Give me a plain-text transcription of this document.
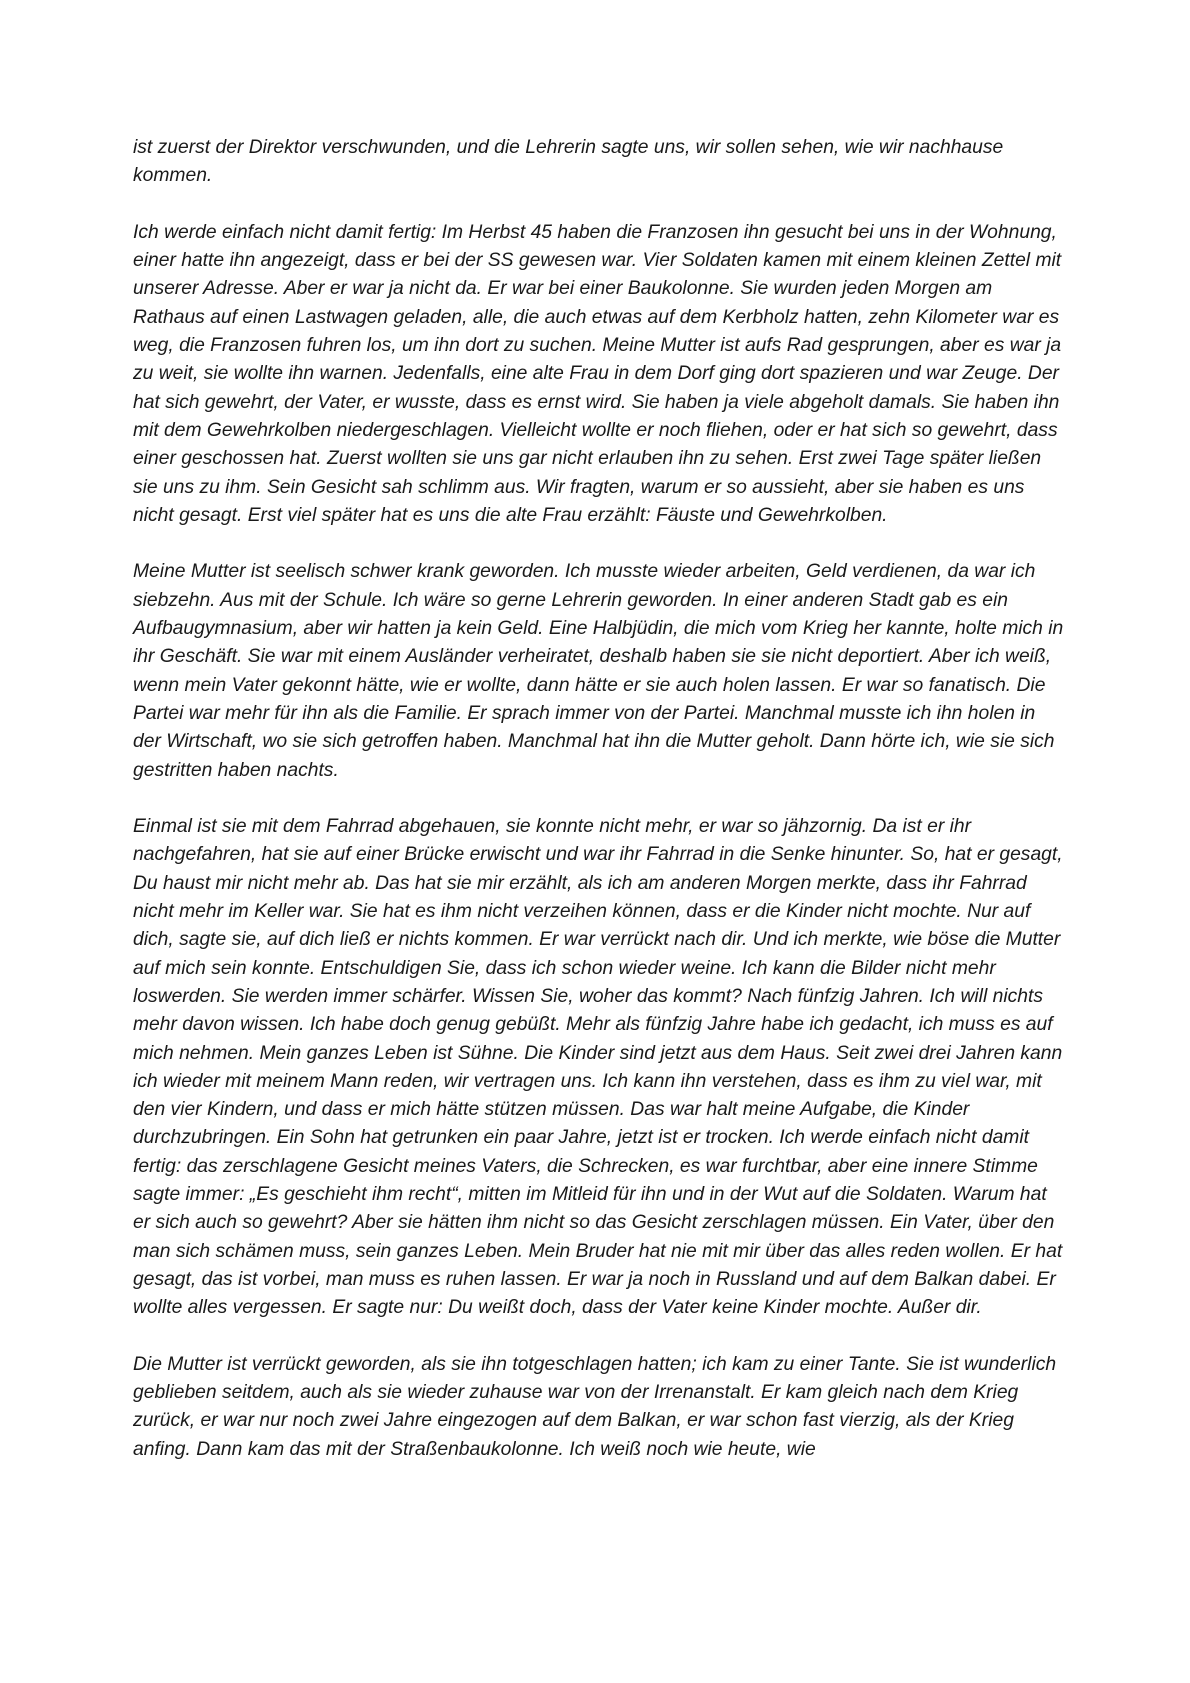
ist zuerst der Direktor verschwunden, und die Lehrerin sagte uns, wir sollen sehen, wie wir nachhause kommen.

Ich werde einfach nicht damit fertig: Im Herbst 45 haben die Franzosen ihn gesucht bei uns in der Wohnung, einer hatte ihn angezeigt, dass er bei der SS gewesen war. Vier Soldaten kamen mit einem kleinen Zettel mit unserer Adresse. Aber er war ja nicht da. Er war bei einer Baukolonne. Sie wurden jeden Morgen am Rathaus auf einen Lastwagen geladen, alle, die auch etwas auf dem Kerbholz hatten, zehn Kilometer war es weg, die Franzosen fuhren los, um ihn dort zu suchen. Meine Mutter ist aufs Rad gesprungen, aber es war ja zu weit, sie wollte ihn warnen. Jedenfalls, eine alte Frau in dem Dorf ging dort spazieren und war Zeuge. Der hat sich gewehrt, der Vater, er wusste, dass es ernst wird. Sie haben ja viele abgeholt damals. Sie haben ihn mit dem Gewehrkolben niedergeschlagen. Vielleicht wollte er noch fliehen, oder er hat sich so gewehrt, dass einer geschossen hat. Zuerst wollten sie uns gar nicht erlauben ihn zu sehen. Erst zwei Tage später ließen sie uns zu ihm. Sein Gesicht sah schlimm aus. Wir fragten, warum er so aussieht, aber sie haben es uns nicht gesagt. Erst viel später hat es uns die alte Frau erzählt: Fäuste und Gewehrkolben.

Meine Mutter ist seelisch schwer krank geworden. Ich musste wieder arbeiten, Geld verdienen, da war ich siebzehn. Aus mit der Schule. Ich wäre so gerne Lehrerin geworden. In einer anderen Stadt gab es ein Aufbaugymnasium, aber wir hatten ja kein Geld. Eine Halbjüdin, die mich vom Krieg her kannte, holte mich in ihr Geschäft. Sie war mit einem Ausländer verheiratet, deshalb haben sie sie nicht deportiert. Aber ich weiß, wenn mein Vater gekonnt hätte, wie er wollte, dann hätte er sie auch holen lassen. Er war so fanatisch. Die Partei war mehr für ihn als die Familie. Er sprach immer von der Partei. Manchmal musste ich ihn holen in der Wirtschaft, wo sie sich getroffen haben. Manchmal hat ihn die Mutter geholt. Dann hörte ich, wie sie sich gestritten haben nachts.

Einmal ist sie mit dem Fahrrad abgehauen, sie konnte nicht mehr, er war so jähzornig. Da ist er ihr nachgefahren, hat sie auf einer Brücke erwischt und war ihr Fahrrad in die Senke hinunter. So, hat er gesagt, Du haust mir nicht mehr ab. Das hat sie mir erzählt, als ich am anderen Morgen merkte, dass ihr Fahrrad nicht mehr im Keller war. Sie hat es ihm nicht verzeihen können, dass er die Kinder nicht mochte. Nur auf dich, sagte sie, auf dich ließ er nichts kommen. Er war verrückt nach dir. Und ich merkte, wie böse die Mutter auf mich sein konnte. Entschuldigen Sie, dass ich schon wieder weine. Ich kann die Bilder nicht mehr loswerden. Sie werden immer schärfer. Wissen Sie, woher das kommt? Nach fünfzig Jahren. Ich will nichts mehr davon wissen. Ich habe doch genug gebüßt. Mehr als fünfzig Jahre habe ich gedacht, ich muss es auf mich nehmen. Mein ganzes Leben ist Sühne. Die Kinder sind jetzt aus dem Haus. Seit zwei drei Jahren kann ich wieder mit meinem Mann reden, wir vertragen uns. Ich kann ihn verstehen, dass es ihm zu viel war, mit den vier Kindern, und dass er mich hätte stützen müssen. Das war halt meine Aufgabe, die Kinder durchzubringen. Ein Sohn hat getrunken ein paar Jahre, jetzt ist er trocken. Ich werde einfach nicht damit fertig: das zerschlagene Gesicht meines Vaters, die Schrecken, es war furchtbar, aber eine innere Stimme sagte immer: „Es geschieht ihm recht“, mitten im Mitleid für ihn und in der Wut auf die Soldaten. Warum hat er sich auch so gewehrt? Aber sie hätten ihm nicht so das Gesicht zerschlagen müssen. Ein Vater, über den man sich schämen muss, sein ganzes Leben. Mein Bruder hat nie mit mir über das alles reden wollen. Er hat gesagt, das ist vorbei, man muss es ruhen lassen. Er war ja noch in Russland und auf dem Balkan dabei. Er wollte alles vergessen. Er sagte nur: Du weißt doch, dass der Vater keine Kinder mochte. Außer dir.

Die Mutter ist verrückt geworden, als sie ihn totgeschlagen hatten; ich kam zu einer Tante. Sie ist wunderlich geblieben seitdem, auch als sie wieder zuhause war von der Irrenanstalt. Er kam gleich nach dem Krieg zurück, er war nur noch zwei Jahre eingezogen auf dem Balkan, er war schon fast vierzig, als der Krieg anfing. Dann kam das mit der Straßenbaukolonne. Ich weiß noch wie heute, wie
